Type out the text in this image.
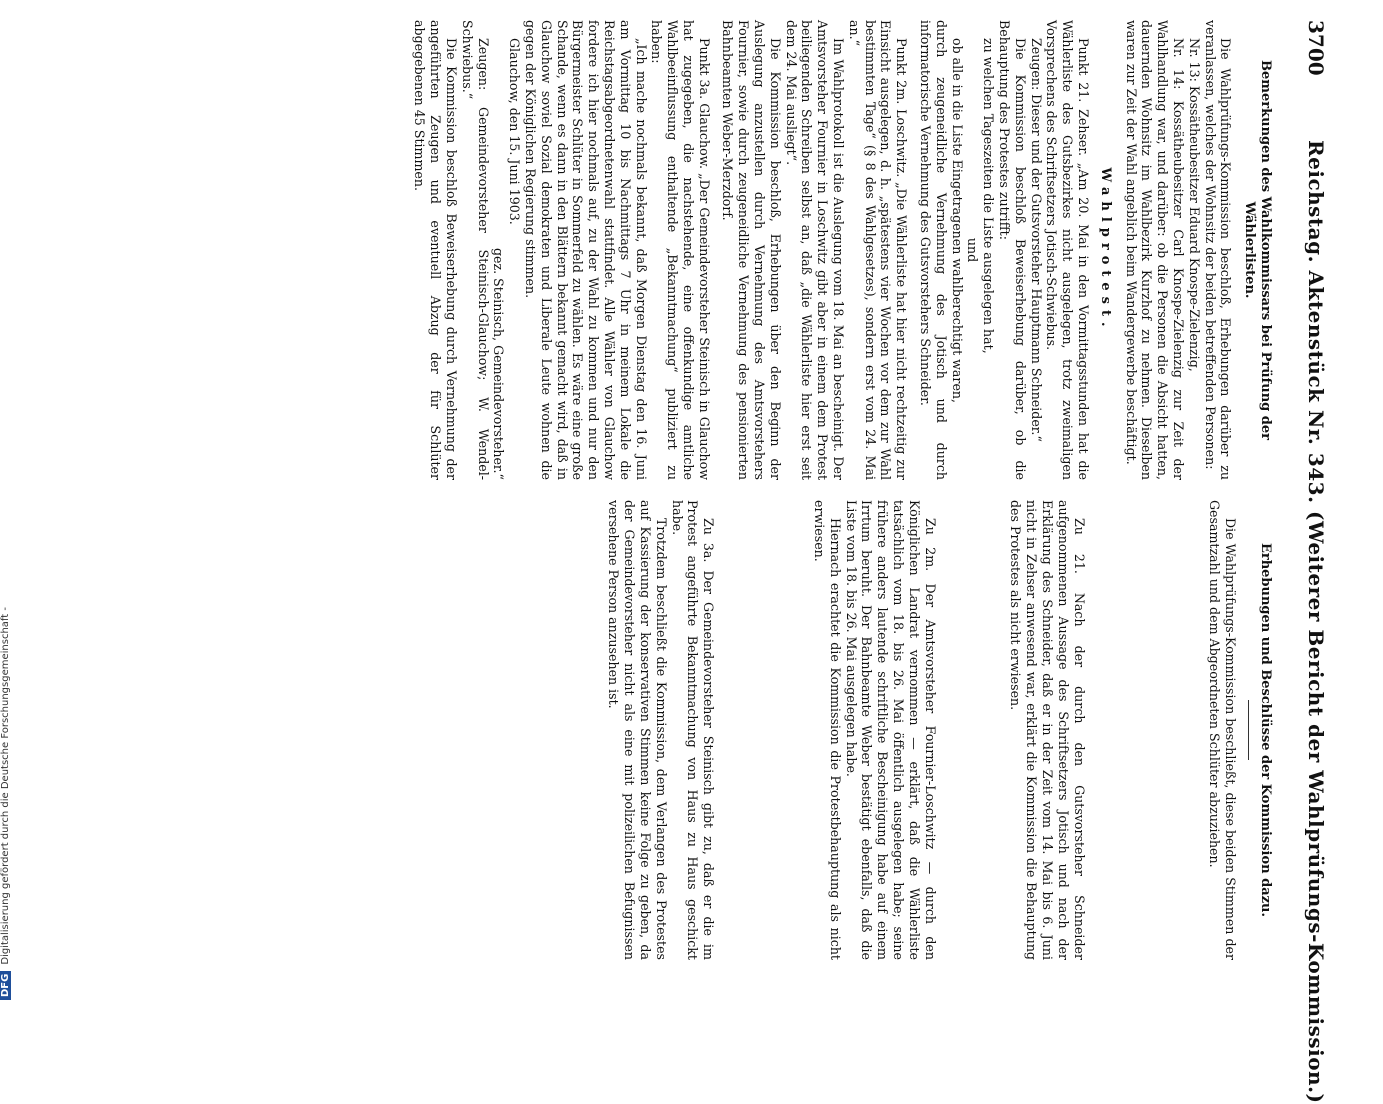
3700
Reichstag. Aktenstück Nr. 343. (Weiterer Bericht der Wahlprüfungs-Kommission.)
Bemerkungen des Wahlkommissars bei Prüfung der Wählerlisten.

Die Wahlprüfungs-Kommission beschloß, Erhebungen darüber zu veranlassen, welches der Wohnsitz der beiden betreffenden Personen:

Nr. 13: Kossätheubesitzer Eduard Knospe-Zielenzig,

Nr. 14: Kossätheubesitzer Carl Knospe-Zielenzig zur Zeit der Wahlhandlung war, und darüber: ob die Personen die Absicht hatten, dauernden Wohnsitz im Wahlbezirk Kurzhof zu nehmen. Dieselben waren zur Zeit der Wahl angeblich beim Wandergewerbe beschäftigt.

Wahlprotest.

Punkt 21. Zehser. „Am 20. Mai in den Vormittagsstunden hat die Wählerliste des Gutsbezirkes nicht ausgelegen, trotz zweimaligen Vorsprechens des Schriftsetzers Jotisch-Schwiebus.

Zeugen: Dieser und der Gutsvorsteher Hauptmann Schneider.“

Die Kommission beschloß Beweiserhebung darüber, ob die Behauptung des Protestes zutrifft:

zu welchen Tageszeiten die Liste ausgelegen hat,

und

ob alle in die Liste Eingetragenen wahlberechtigt waren,

durch zeugeneidliche Vernehmung des Jotisch und durch informatorische Vernehmung des Gutsvorstehers Schneider.

Punkt 2m. Loschwitz. „Die Wählerliste hat hier nicht rechtzeitig zur Einsicht ausgelegen, d. h. „spätestens vier Wochen vor dem zur Wahl bestimmten Tage“ (§ 8 des Wahlgesetzes), sondern erst vom 24. Mai an.“

Im Wahlprotokoll ist die Auslegung vom 18. Mai an bescheinigt. Der Amtsvorsteher Fournier in Loschwitz gibt aber in einem dem Protest beiliegenden Schreiben selbst an, daß „die Wählerliste hier erst seit dem 24. Mai ausliegt“.

Die Kommission beschloß, Erhebungen über den Beginn der Auslegung anzustellen durch Vernehmung des Amtsvorstehers Fournier, sowie durch zeugeneidliche Vernehmung des pensionierten Bahnbeamten Weber-Merzdorf.

Punkt 3a. Glauchow. „Der Gemeindevorsteher Steinisch in Glauchow hat zugegeben, die nachstehende, eine offenkundige amtliche Wahlbeeinflussung enthaltende „Bekanntmachung“ publiziert zu haben:

„Ich mache nochmals bekannt, daß Morgen Dienstag den 16. Juni am Vormittag 10 bis Nachmittags 7 Uhr in meinem Lokale die Reichstagsabgeordnetenwahl stattfindet. Alle Wähler von Glauchow fordere ich hier nochmals auf, zu der Wahl zu kommen und nur den Bürgermeister Schlüter in Sommerfeld zu wählen. Es wäre eine große Schande, wenn es dann in den Blättern bekannt gemacht wird, daß in Glauchow soviel Sozial demokraten und Liberale Leute wohnen die gegen der Königlichen Regierung stimmen.

Glauchow, den 15. Juni 1903.

gez. Steinisch, Gemeindevorsteher.“

Zeugen: Gemeindevorsteher Steinisch-Glauchow; W. Wendel-Schwiebus.“

Die Kommission beschloß Beweiserhebung durch Vernehmung der angeführten Zeugen und eventuell Abzug der für Schlüter abgegebenen 45 Stimmen.

Erhebungen und Beschlüsse der Kommission dazu.

Die Wahlprüfungs-Kommission beschließt, diese beiden Stimmen der Gesamtzahl und dem Abgeordneten Schlüter abzuziehen.

Zu 21. Nach der durch den Gutsvorsteher Schneider aufgenommenen Aussage des Schriftsetzers Jotisch und nach der Erklärung des Schneider, daß er in der Zeit vom 14. Mai bis 6. Juni nicht in Zehser anwesend war, erklärt die Kommission die Behauptung des Protestes als nicht erwiesen.

Zu 2m. Der Amtsvorsteher Fournier-Loschwitz — durch den Königlichen Landrat vernommen — erklärt, daß die Wählerliste tatsächlich vom 18. bis 26. Mai öffentlich ausgelegen habe; seine frühere anders lautende schriftliche Bescheinigung habe auf einem Irrtum beruht. Der Bahnbeamte Weber bestätigt ebenfalls, daß die Liste vom 18. bis 26. Mai ausgelegen habe.

Hiernach erachtet die Kommission die Protestbehauptung als nicht erwiesen.

Zu 3a. Der Gemeindevorsteher Steinisch gibt zu, daß er die im Protest angeführte Bekanntmachung von Haus zu Haus geschickt habe.

Trotzdem beschließt die Kommission, dem Verlangen des Protestes auf Kassierung der konservativen Stimmen keine Folge zu geben, da der Gemeindevorsteher nicht als eine mit polizeilichen Befugnissen versehene Person anzusehen ist.

DFGDigitalisierung gefördert durch die Deutsche Forschungsgemeinschaft -
